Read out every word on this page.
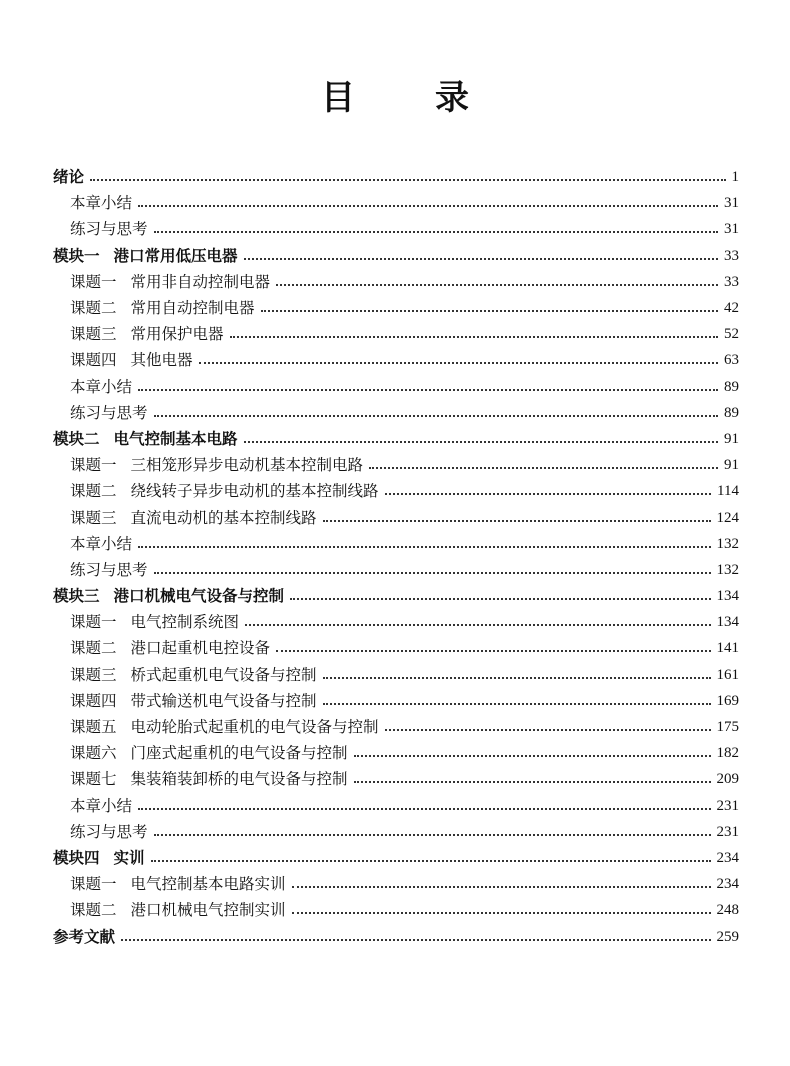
目 录
绪论	1
本章小结	31
练习与思考	31
模块一 港口常用低压电器	33
课题一 常用非自动控制电器	33
课题二 常用自动控制电器	42
课题三 常用保护电器	52
课题四 其他电器	63
本章小结	89
练习与思考	89
模块二 电气控制基本电路	91
课题一 三相笼形异步电动机基本控制电路	91
课题二 绕线转子异步电动机的基本控制线路	114
课题三 直流电动机的基本控制线路	124
本章小结	132
练习与思考	132
模块三 港口机械电气设备与控制	134
课题一 电气控制系统图	134
课题二 港口起重机电控设备	141
课题三 桥式起重机电气设备与控制	161
课题四 带式输送机电气设备与控制	169
课题五 电动轮胎式起重机的电气设备与控制	175
课题六 门座式起重机的电气设备与控制	182
课题七 集装箱装卸桥的电气设备与控制	209
本章小结	231
练习与思考	231
模块四 实训	234
课题一 电气控制基本电路实训	234
课题二 港口机械电气控制实训	248
参考文献	259
